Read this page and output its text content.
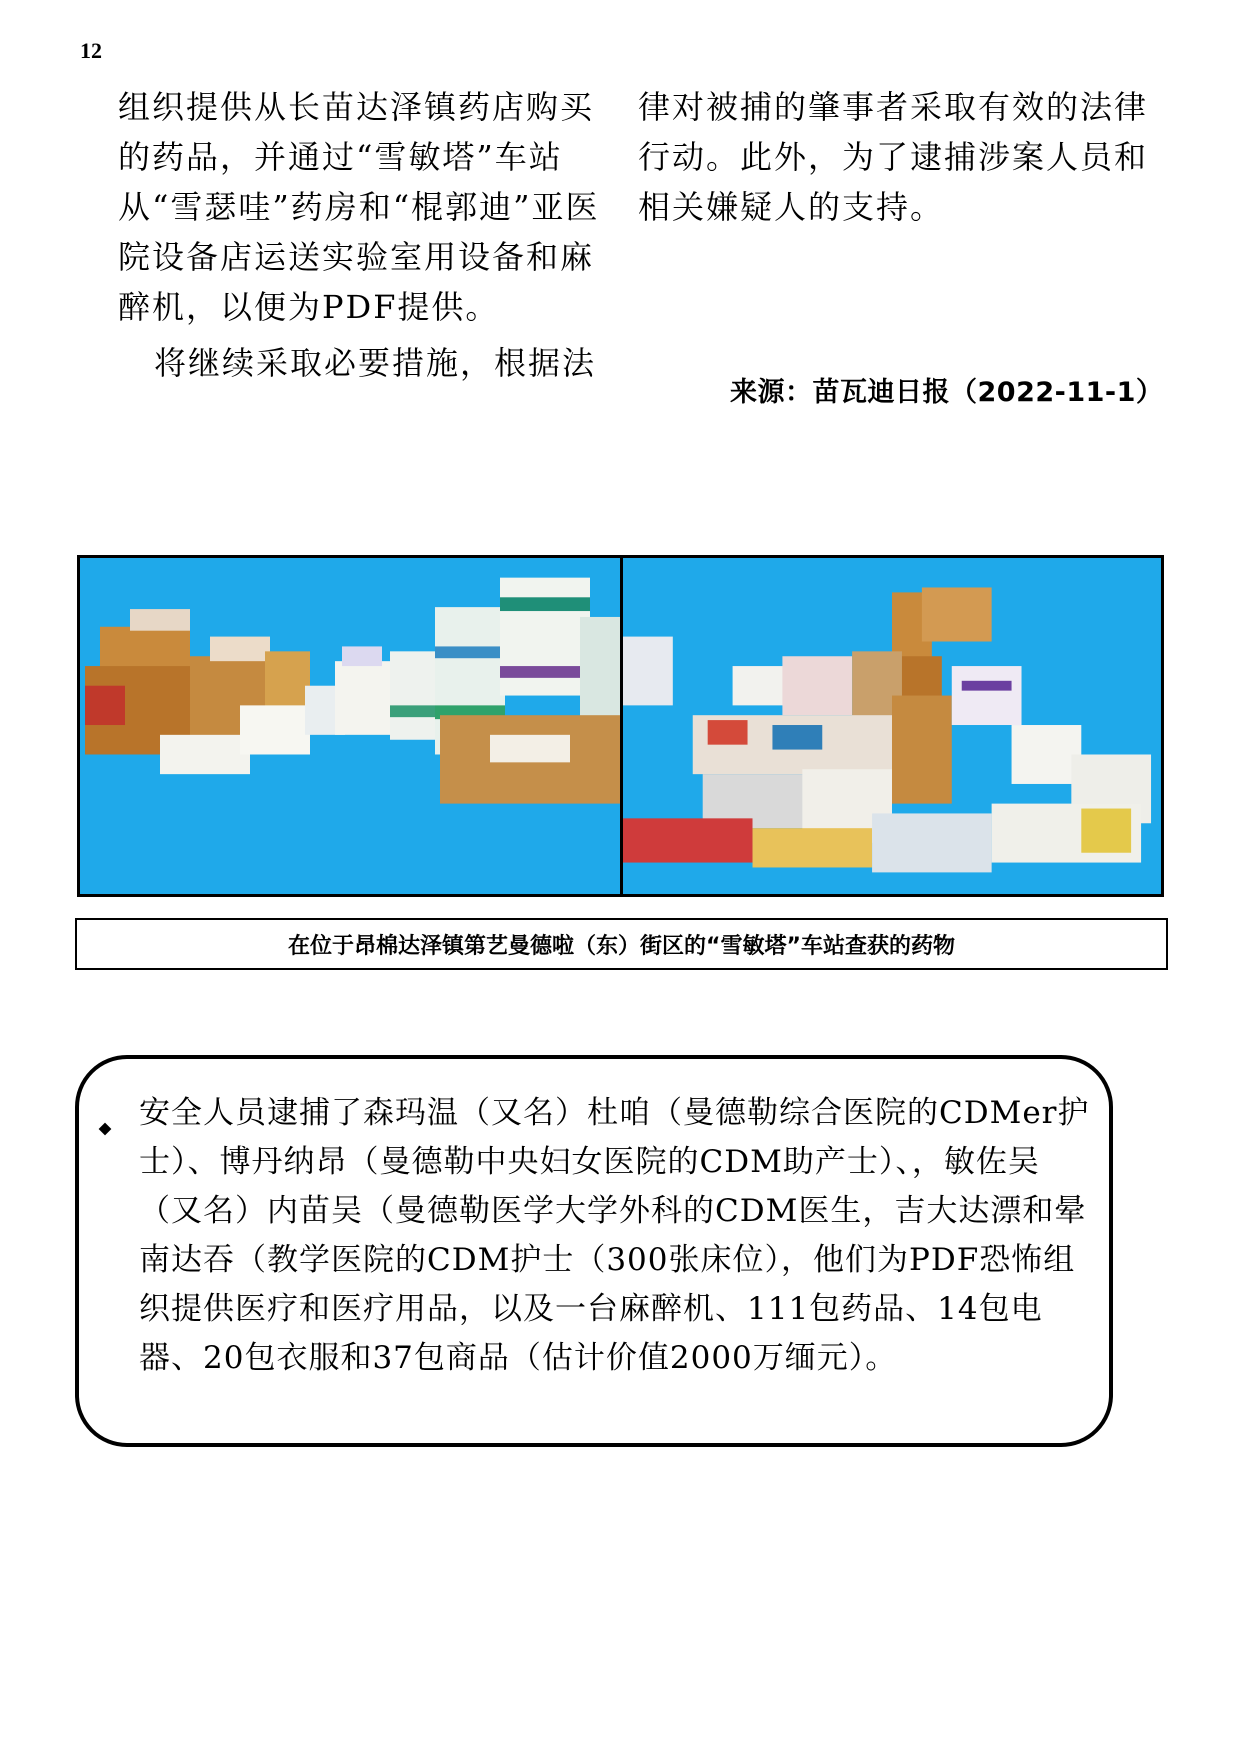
12

组织提供从长苗达泽镇药店购买的药品，并通过“雪敏塔”车站从“雪瑟哇”药房和“棍郭迪”亚医院设备店运送实验室用设备和麻醉机，以便为PDF提供。

将继续采取必要措施，根据法

律对被捕的肇事者采取有效的法律行动。此外，为了逮捕涉案人员和相关嫌疑人的支持。

来源：苗瓦迪日报（2022-11-1）
在位于昂棉达泽镇第艺曼德啦（东）街区的“雪敏塔”车站查获的药物
安全人员逮捕了森玛温（又名）杜咱（曼德勒综合医院的CDMer护士）、博丹纳昂（曼德勒中央妇女医院的CDM助产士）、，敏佐吴（又名）内苗吴（曼德勒医学大学外科的CDM医生，吉大达漂和晕南达吞（教学医院的CDM护士（300张床位），他们为PDF恐怖组织提供医疗和医疗用品，以及一台麻醉机、111包药品、14包电器、20包衣服和37包商品（估计价值2000万缅元）。
